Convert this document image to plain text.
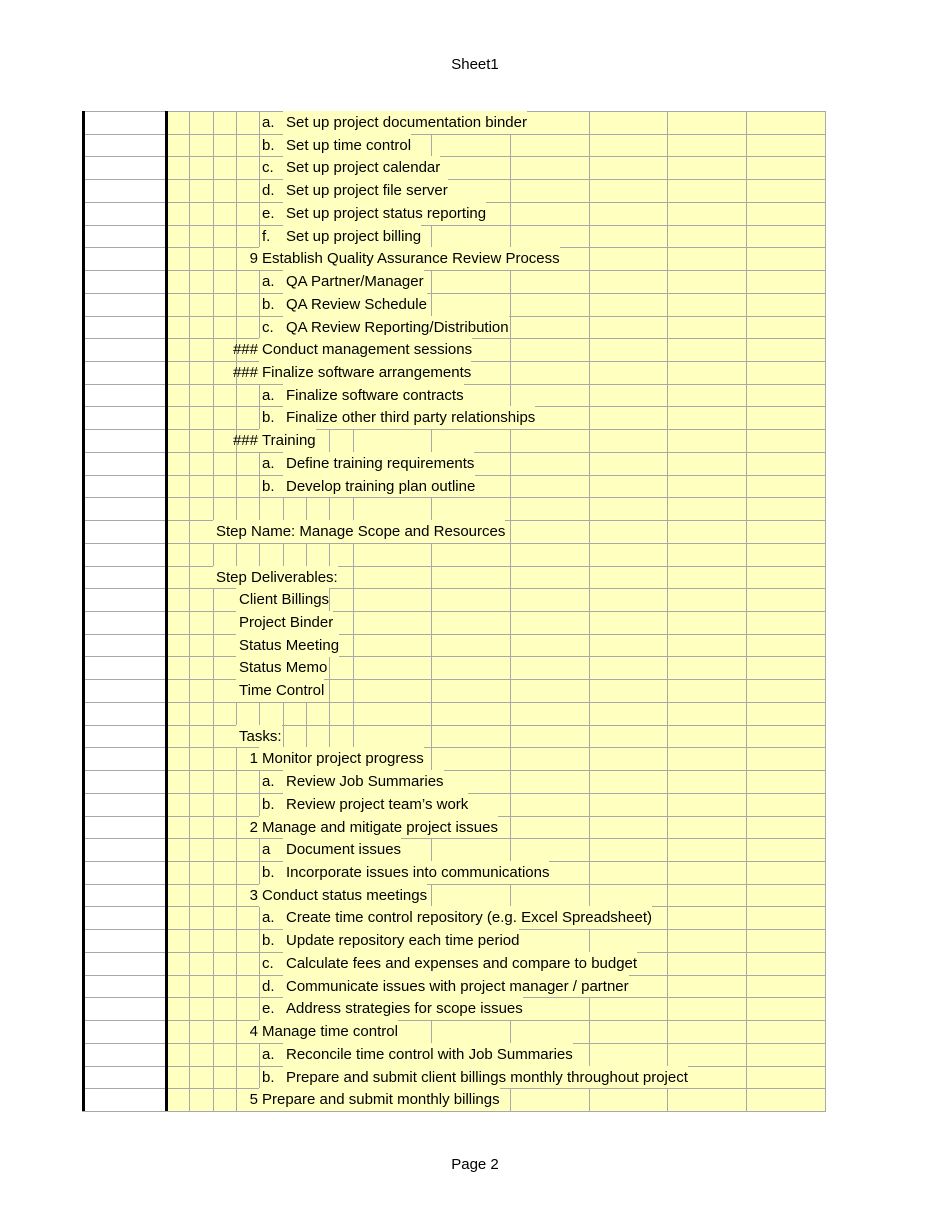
Sheet1
a. Set up project documentation binder
b. Set up time control
c. Set up project calendar
d. Set up project file server
e. Set up project status reporting
f. Set up project billing
9 Establish Quality Assurance Review Process
a. QA Partner/Manager
b. QA Review Schedule
c. QA Review Reporting/Distribution
### Conduct management sessions
### Finalize software arrangements
a. Finalize software contracts
b. Finalize other third party relationships
### Training
a. Define training requirements
b. Develop training plan outline
Step Name: Manage Scope and Resources
Step Deliverables:
Client Billings
Project Binder
Status Meeting
Status Memo
Time Control
Tasks:
1 Monitor project progress
a. Review Job Summaries
b. Review project team’s work
2 Manage and mitigate project issues
a Document issues
b. Incorporate issues into communications
3 Conduct status meetings
a. Create time control repository (e.g. Excel Spreadsheet)
b. Update repository each time period
c. Calculate fees and expenses and compare to budget
d. Communicate issues with project manager / partner
e. Address strategies for scope issues
4 Manage time control
a. Reconcile time control with Job Summaries
b. Prepare and submit client billings monthly throughout project
5 Prepare and submit monthly billings
Page 2
